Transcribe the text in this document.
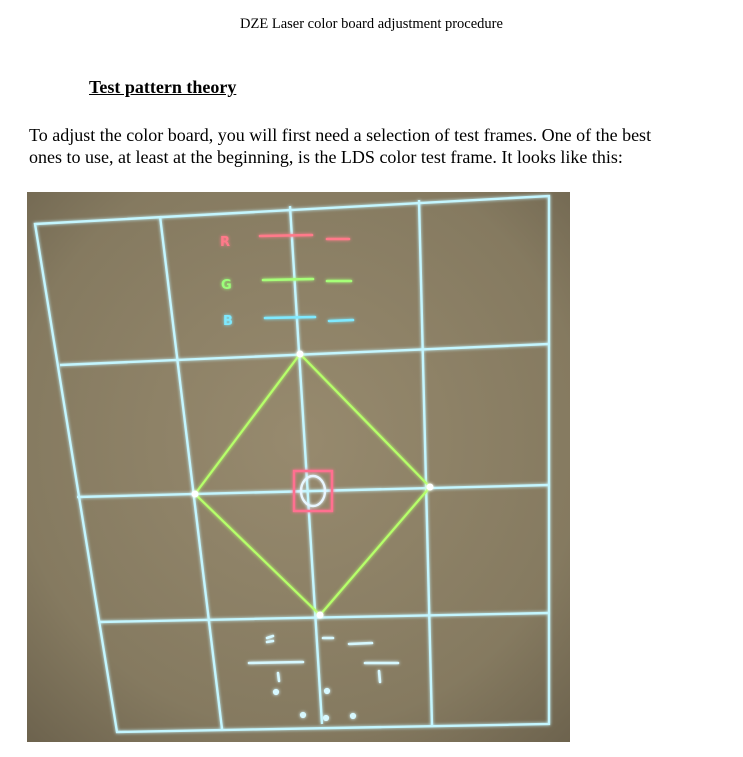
DZE Laser color board adjustment procedure
Test pattern theory
To adjust the color board, you will first need a selection of test frames. One of the best
ones to use, at least at the beginning, is the LDS color test frame. It looks like this:
R
G
B
